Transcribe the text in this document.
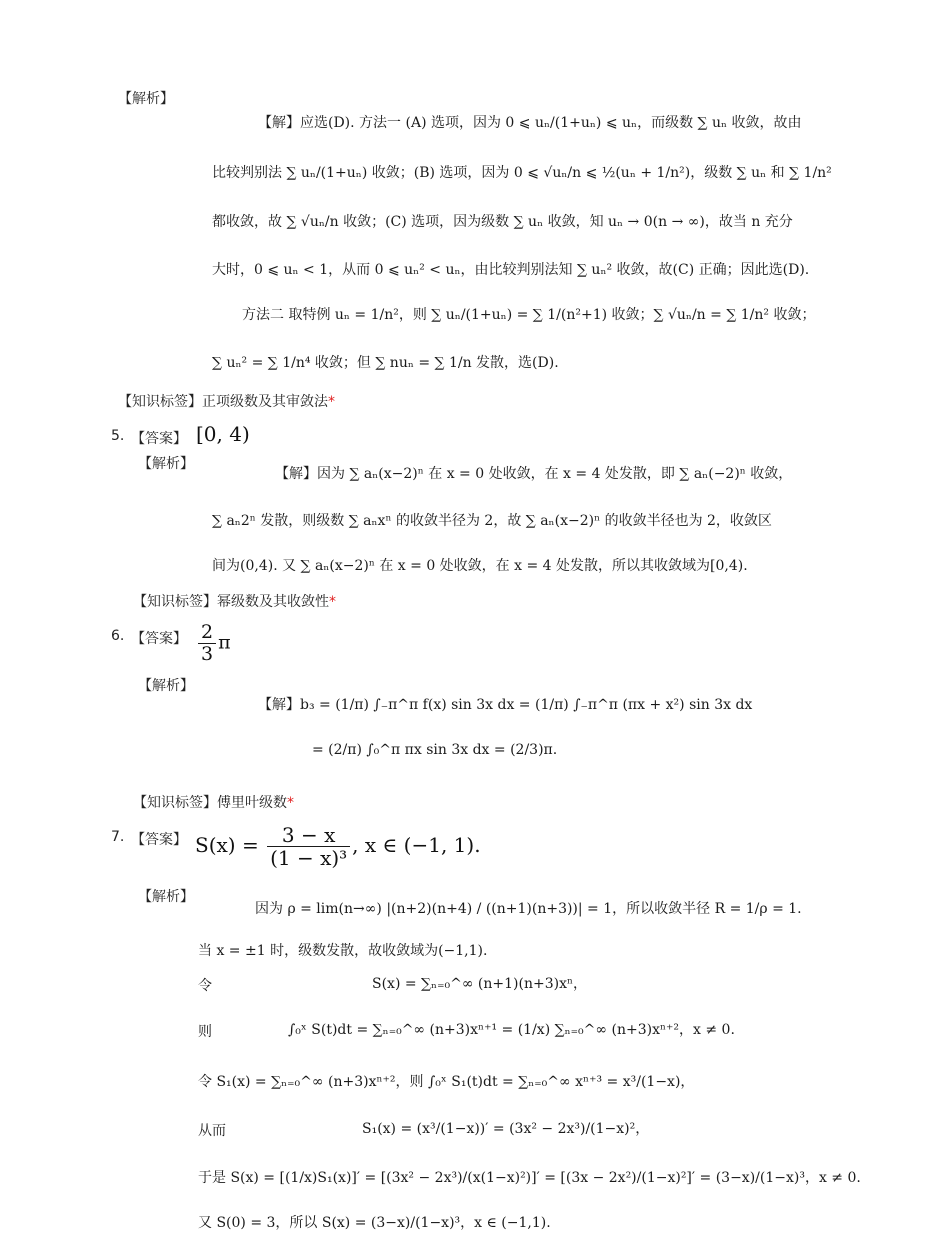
【解析】
【解】应选(D). 方法一 (A) 选项，因为 0 ⩽ uₙ/(1+uₙ) ⩽ uₙ，而级数 ∑ uₙ 收敛，故由
比较判别法 ∑ uₙ/(1+uₙ) 收敛；(B) 选项，因为 0 ⩽ √uₙ/n ⩽ ½(uₙ + 1/n²)，级数 ∑ uₙ 和 ∑ 1/n²
都收敛，故 ∑ √uₙ/n 收敛；(C) 选项，因为级数 ∑ uₙ 收敛，知 uₙ → 0(n → ∞)，故当 n 充分
大时，0 ⩽ uₙ < 1，从而 0 ⩽ uₙ² < uₙ，由比较判别法知 ∑ uₙ² 收敛，故(C) 正确；因此选(D).
方法二 取特例 uₙ = 1/n²，则 ∑ uₙ/(1+uₙ) = ∑ 1/(n²+1) 收敛；∑ √uₙ/n = ∑ 1/n² 收敛；
∑ uₙ² = ∑ 1/n⁴ 收敛；但 ∑ nuₙ = ∑ 1/n 发散，选(D).
【知识标签】正项级数及其审敛法*
5. 【答案】 [0, 4)
【解析】
【解】因为 ∑ aₙ(x−2)ⁿ 在 x = 0 处收敛，在 x = 4 处发散，即 ∑ aₙ(−2)ⁿ 收敛，
∑ aₙ2ⁿ 发散，则级数 ∑ aₙxⁿ 的收敛半径为 2，故 ∑ aₙ(x−2)ⁿ 的收敛半径也为 2，收敛区
间为(0,4). 又 ∑ aₙ(x−2)ⁿ 在 x = 0 处收敛，在 x = 4 处发散，所以其收敛域为[0,4).
【知识标签】幂级数及其收敛性*
6. 【答案】 $\frac{2}{3}$ π
【解析】
【解】b₃ = (1/π) ∫₋π^π f(x) sin 3x dx = (1/π) ∫₋π^π (πx + x²) sin 3x dx
= (2/π) ∫₀^π πx sin 3x dx = (2/3)π.
【知识标签】傅里叶级数*
7. 【答案】 $S(x) = \frac{3 - x}{\text{(1 − x)³}}$ , x ∈ (−1, 1).
【解析】
因为 ρ = lim(n→∞) |(n+2)(n+4) / ((n+1)(n+3))| = 1，所以收敛半径 R = 1/ρ = 1.
当 x = ±1 时，级数发散，故收敛域为(−1,1).
令	S(x) = ∑ₙ₌₀^∞ (n+1)(n+3)xⁿ，
则	∫₀ˣ S(t)dt = ∑ₙ₌₀^∞ (n+3)xⁿ⁺¹ = (1/x) ∑ₙ₌₀^∞ (n+3)xⁿ⁺²，x ≠ 0.
令 S₁(x) = ∑ₙ₌₀^∞ (n+3)xⁿ⁺²，则 ∫₀ˣ S₁(t)dt = ∑ₙ₌₀^∞ xⁿ⁺³ = x³/(1−x)，
从而	S₁(x) = (x³/(1−x))′ = (3x² − 2x³)/(1−x)²，
于是 S(x) = [(1/x)S₁(x)]′ = [(3x² − 2x³)/(x(1−x)²)]′ = [(3x − 2x²)/(1−x)²]′ = (3−x)/(1−x)³，x ≠ 0.
又 S(0) = 3，所以 S(x) = (3−x)/(1−x)³，x ∈ (−1,1).
